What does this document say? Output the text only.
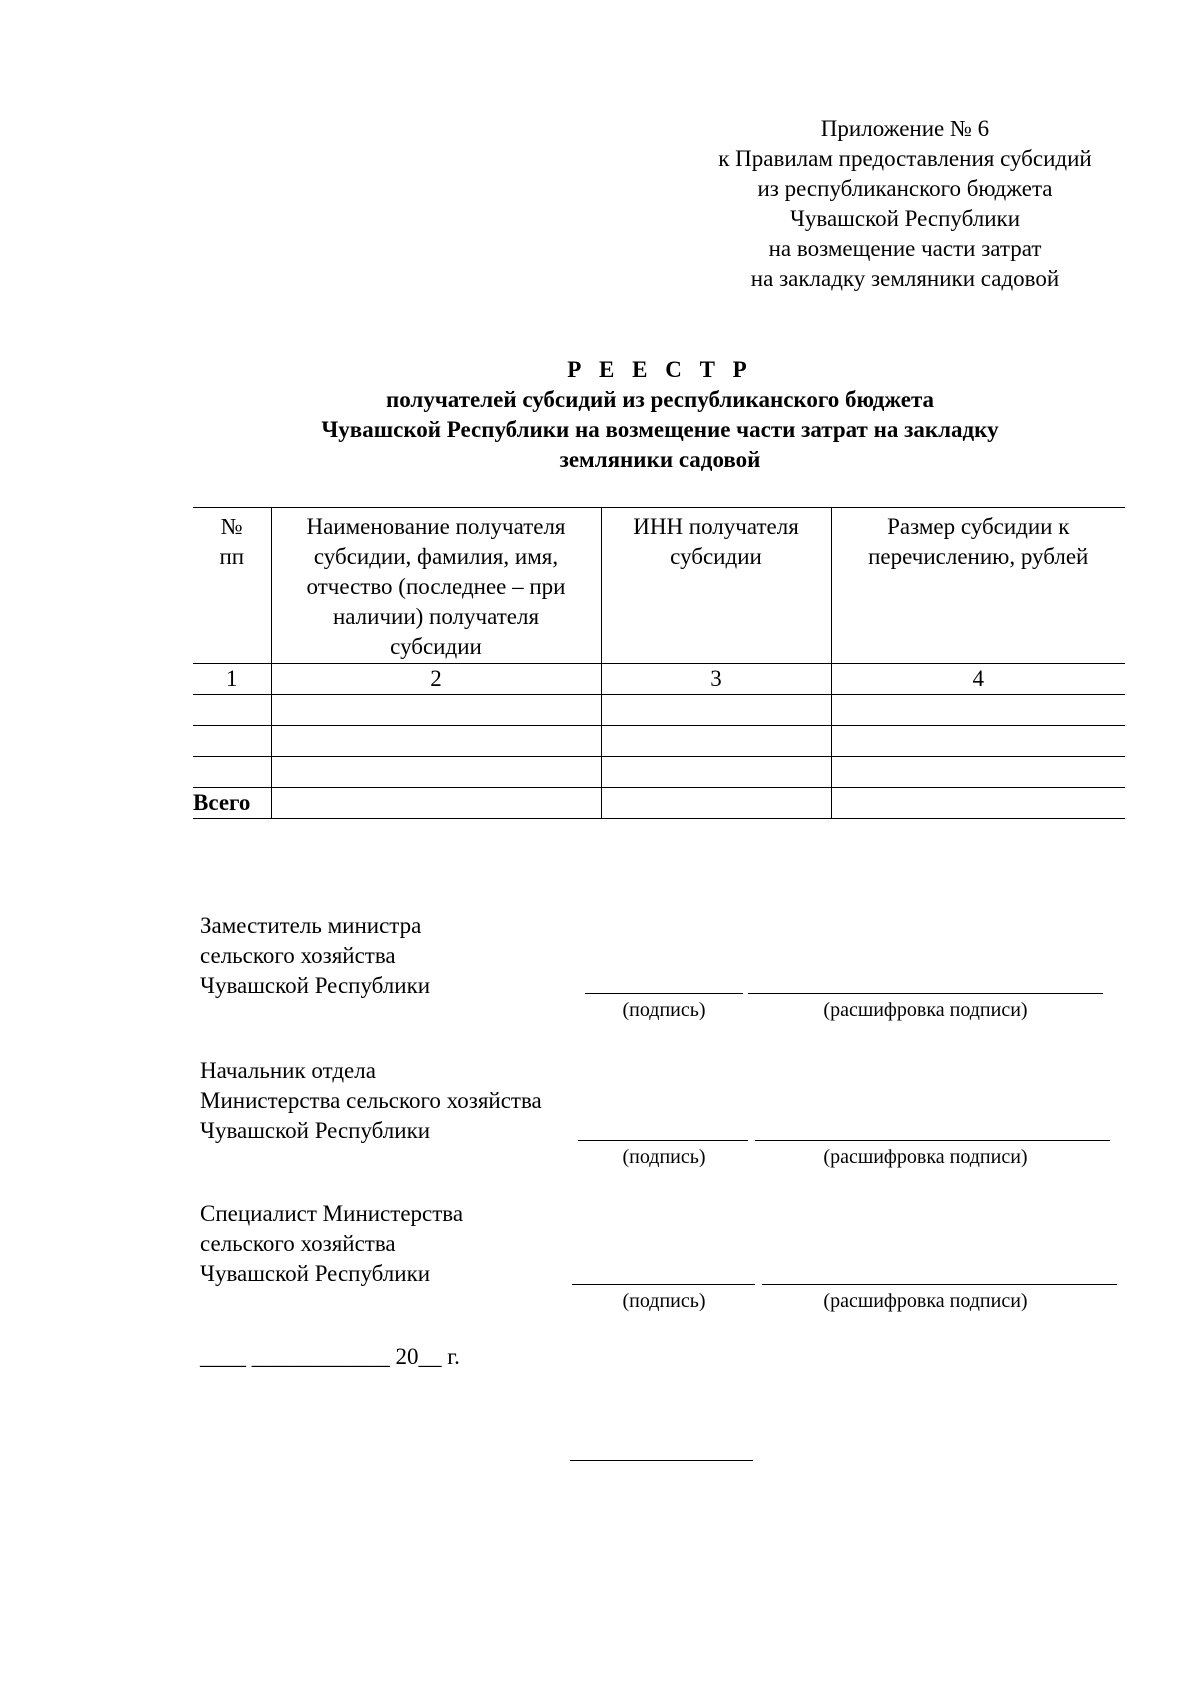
Приложение № 6
к Правилам предоставления субсидий
из республиканского бюджета
Чувашской Республики
на возмещение части затрат
на закладку земляники садовой
Р Е Е С Т Р
получателей субсидий из республиканского бюджета
Чувашской Республики на возмещение части затрат на закладку
земляники садовой
№ пп	Наименование получателя субсидии, фамилия, имя, отчество (последнее – при наличии) получателя субсидии	ИНН получателя субсидии	Размер субсидии к перечислению, рублей
1	2	3	4

Всего			
Заместитель министра
сельского хозяйства
Чувашской Республики
(подпись)	(расшифровка подписи)
Начальник отдела
Министерства сельского хозяйства
Чувашской Республики
(подпись)	(расшифровка подписи)
Специалист Министерства
сельского хозяйства
Чувашской Республики
(подпись)	(расшифровка подписи)
____ ____________ 20__ г.
